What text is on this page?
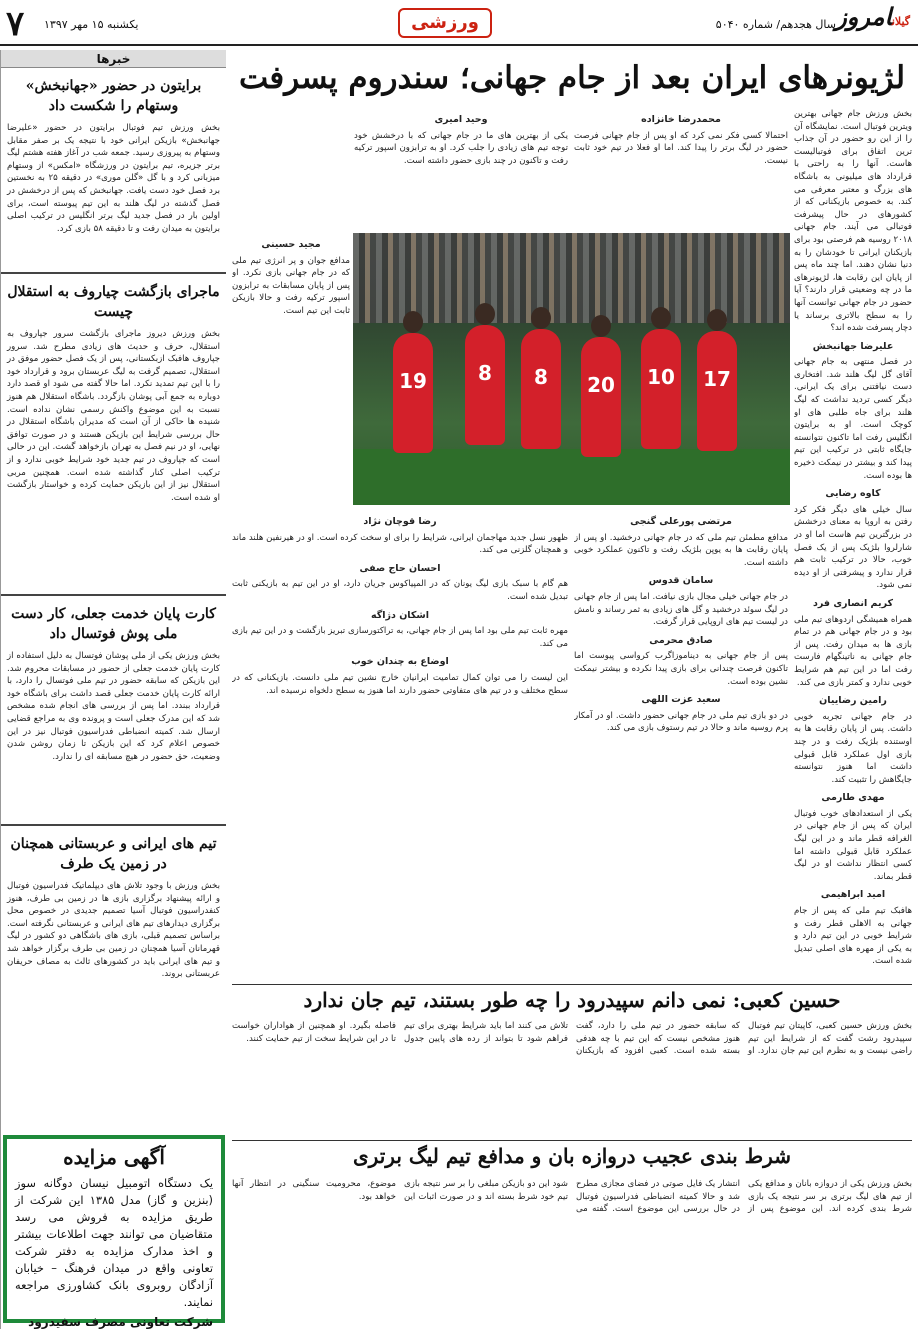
۷ یکشنبه ۱۵ مهر ۱۳۹۷	ورزشی	سال هجدهم/ شماره ۵۰۴۰	گیلانامروز
خبرها
برایتون در حضور «جهانبخش» وستهام را شکست داد
بخش ورزش تیم فوتبال برایتون در حضور «علیرضا جهانبخش» بازیکن ایرانی خود با نتیجه یک بر صفر مقابل وستهام به پیروزی رسید. جمعه شب در آغاز هفته هشتم لیگ برتر جزیره، تیم برایتون در ورزشگاه «امکس» از وستهام میزبانی کرد و با گل «گلن موری» در دقیقه ۲۵ به نخستین برد فصل خود دست یافت. جهانبخش که پس از درخشش در فصل گذشته در لیگ هلند به این تیم پیوسته است، برای اولین بار در فصل جدید لیگ برتر انگلیس در ترکیب اصلی برایتون به میدان رفت و تا دقیقه ۵۸ بازی کرد.
ماجرای بازگشت چیاروف به استقلال چیست
بخش ورزش دیروز ماجرای بازگشت سرور جپاروف به استقلال، حرف و حدیث های زیادی مطرح شد. سرور جپاروف هافبک ازبکستانی، پس از یک فصل حضور موفق در استقلال، تصمیم گرفت به لیگ عربستان برود و قرارداد خود را با این تیم تمدید نکرد. اما حالا گفته می شود او قصد دارد دوباره به جمع آبی پوشان بازگردد. باشگاه استقلال هم هنوز نسبت به این موضوع واکنش رسمی نشان نداده است. شنیده ها حاکی از آن است که مدیران باشگاه استقلال در حال بررسی شرایط این بازیکن هستند و در صورت توافق نهایی، او در نیم فصل به تهران بازخواهد گشت. این در حالی است که جپاروف در تیم جدید خود شرایط خوبی ندارد و از ترکیب اصلی کنار گذاشته شده است. همچنین مربی استقلال نیز از این بازیکن حمایت کرده و خواستار بازگشت او شده است.
کارت پایان خدمت جعلی، کار دست ملی پوش فوتسال داد
بخش ورزش یکی از ملی پوشان فوتسال به دلیل استفاده از کارت پایان خدمت جعلی از حضور در مسابقات محروم شد. این بازیکن که سابقه حضور در تیم ملی فوتسال را دارد، با ارائه کارت پایان خدمت جعلی قصد داشت برای باشگاه خود قرارداد ببندد. اما پس از بررسی های انجام شده مشخص شد که این مدرک جعلی است و پرونده وی به مراجع قضایی ارسال شد. کمیته انضباطی فدراسیون فوتبال نیز در این خصوص اعلام کرد که این بازیکن تا زمان روشن شدن وضعیت، حق حضور در هیچ مسابقه ای را ندارد.
تیم های ایرانی و عربستانی همچنان در زمین یک طرف
بخش ورزش با وجود تلاش های دیپلماتیک فدراسیون فوتبال و ارائه پیشنهاد برگزاری بازی ها در زمین بی طرف، هنوز کنفدراسیون فوتبال آسیا تصمیم جدیدی در خصوص محل برگزاری دیدارهای تیم های ایرانی و عربستانی نگرفته است. براساس تصمیم قبلی، بازی های باشگاهی دو کشور در لیگ قهرمانان آسیا همچنان در زمین بی طرف برگزار خواهد شد و تیم های ایرانی باید در کشورهای ثالث به مصاف حریفان عربستانی بروند.
آگهی مزایده
یک دستگاه اتومبیل نیسان دوگانه سوز (بنزین و گاز) مدل ۱۳۸۵ این شرکت از طریق مزایده به فروش می رسد متقاضیان می توانند جهت اطلاعات بیشتر و اخذ مدارک مزایده به دفتر شرکت تعاونی واقع در میدان فرهنگ – خیابان آزادگان روبروی بانک کشاورزی مراجعه نمایند.
شرکت تعاونی مصرف سفیدرود
لژیونرهای ایران بعد از جام جهانی؛ سندروم پسرفت

بخش ورزش جام جهانی بهترین ویترین فوتبال است. نمایشگاه آن را از این رو حضور در آن جذاب ترین اتفاق برای فوتبالیست هاست. آنها را به راحتی با قرارداد های میلیونی به باشگاه های بزرگ و معتبر معرفی می کند. به خصوص بازیکنانی که از کشورهای در حال پیشرفت فوتبالی می آیند. جام جهانی ۲۰۱۸ روسیه هم فرصتی بود برای بازیکنان ایرانی تا خودشان را به دنیا نشان دهند. اما چند ماه پس از پایان این رقابت ها، لژیونرهای ما در چه وضعیتی قرار دارند؟ آیا حضور در جام جهانی توانست آنها را به سطح بالاتری برساند یا دچار پسرفت شده اند؟

علیرضا جهانبخش

در فصل منتهی به جام جهانی آقای گل لیگ هلند شد. افتخاری دست نیافتنی برای یک ایرانی. دیگر کسی تردید نداشت که لیگ هلند برای جاه طلبی های او کوچک است. او به برایتون انگلیس رفت اما تاکنون نتوانسته جایگاه ثابتی در ترکیب این تیم پیدا کند و بیشتر در نیمکت ذخیره ها بوده است.

کاوه رضایی

سال خیلی های دیگر فکر کرد رفتن به اروپا به معنای درخشش در بزرگترین تیم هاست اما او در شارلروا بلژیک پس از یک فصل خوب، حالا در ترکیب ثابت هم قرار ندارد و پیشرفتی از او دیده نمی شود.

کریم انصاری فرد

همراه همیشگی اردوهای تیم ملی بود و در جام جهانی هم در تمام بازی ها به میدان رفت. پس از جام جهانی به ناتینگهام فارست رفت اما در این تیم هم شرایط خوبی ندارد و کمتر بازی می کند.

رامین رضاییان

در جام جهانی تجربه خوبی داشت. پس از پایان رقابت ها به اوستنده بلژیک رفت و در چند بازی اول عملکرد قابل قبولی داشت اما هنوز نتوانسته جایگاهش را تثبیت کند.

مهدی طارمی

یکی از استعدادهای خوب فوتبال ایران که پس از جام جهانی در الغرافه قطر ماند و در این لیگ عملکرد قابل قبولی داشته اما کسی انتظار نداشت او در لیگ قطر بماند.

امید ابراهیمی

هافبک تیم ملی که پس از جام جهانی به الاهلی قطر رفت و شرایط خوبی در این تیم دارد و به یکی از مهره های اصلی تبدیل شده است.

محمدرضا خانزاده

احتمالا کسی فکر نمی کرد که او پس از جام جهانی فرصت حضور در لیگ برتر را پیدا کند. اما او فعلا در تیم خود ثابت نیست.

وحید امیری

یکی از بهترین های ما در جام جهانی که با درخشش خود توجه تیم های زیادی را جلب کرد. او به ترابزون اسپور ترکیه رفت و تاکنون در چند بازی حضور داشته است.

19	8	8	20	10	17
مجید حسینی

مدافع جوان و پر انرژی تیم ملی که در جام جهانی بازی نکرد. او پس از پایان مسابقات به ترابزون اسپور ترکیه رفت و حالا بازیکن ثابت این تیم است.

مرتضی پورعلی گنجی

مدافع مطمئن تیم ملی که در جام جهانی درخشید. او پس از پایان رقابت ها به یوپن بلژیک رفت و تاکنون عملکرد خوبی داشته است.

سامان قدوس

در جام جهانی خیلی مجال بازی نیافت. اما پس از جام جهانی در لیگ سوئد درخشید و گل های زیادی به ثمر رساند و نامش در لیست تیم های اروپایی قرار گرفت.

صادق محرمی

پس از جام جهانی به دیناموزاگرب کرواسی پیوست اما تاکنون فرصت چندانی برای بازی پیدا نکرده و بیشتر نیمکت نشین بوده است.

سعید عزت اللهی

در دو بازی تیم ملی در جام جهانی حضور داشت. او در آمکار پرم روسیه ماند و حالا در تیم رستوف بازی می کند.

رضا قوچان نژاد

ظهور نسل جدید مهاجمان ایرانی، شرایط را برای او سخت کرده است. او در هیرنفین هلند ماند و همچنان گلزنی می کند.

احسان حاج صفی

هم گام با سبک بازی لیگ یونان که در المپیاکوس جریان دارد، او در این تیم به بازیکنی ثابت تبدیل شده است.

اشکان دژاگه

مهره ثابت تیم ملی بود اما پس از جام جهانی، به تراکتورسازی تبریز بازگشت و در این تیم بازی می کند.

اوضاع به چندان خوب

این لیست را می توان کمال تمامیت ایرانیان خارج نشین تیم ملی دانست. بازیکنانی که در سطح مختلف و در تیم های متفاوتی حضور دارند اما هنوز به سطح دلخواه نرسیده اند.

حسین کعبی: نمی دانم سپیدرود را چه طور بستند، تیم جان ندارد
بخش ورزش حسین کعبی، کاپیتان تیم فوتبال سپیدرود رشت گفت که از شرایط این تیم راضی نیست و به نظرم این تیم جان ندارد. او که سابقه حضور در تیم ملی را دارد، گفت هنوز مشخص نیست که این تیم با چه هدفی بسته شده است. کعبی افزود که بازیکنان تلاش می کنند اما باید شرایط بهتری برای تیم فراهم شود تا بتواند از رده های پایین جدول فاصله بگیرد. او همچنین از هواداران خواست تا در این شرایط سخت از تیم حمایت کنند.
شرط بندی عجیب دروازه بان و مدافع تیم لیگ برتری
بخش ورزش یکی از دروازه بانان و مدافع یکی از تیم های لیگ برتری بر سر نتیجه یک بازی شرط بندی کرده اند. این موضوع پس از انتشار یک فایل صوتی در فضای مجازی مطرح شد و حالا کمیته انضباطی فدراسیون فوتبال در حال بررسی این موضوع است. گفته می شود این دو بازیکن مبلغی را بر سر نتیجه بازی تیم خود شرط بسته اند و در صورت اثبات این موضوع، محرومیت سنگینی در انتظار آنها خواهد بود.
